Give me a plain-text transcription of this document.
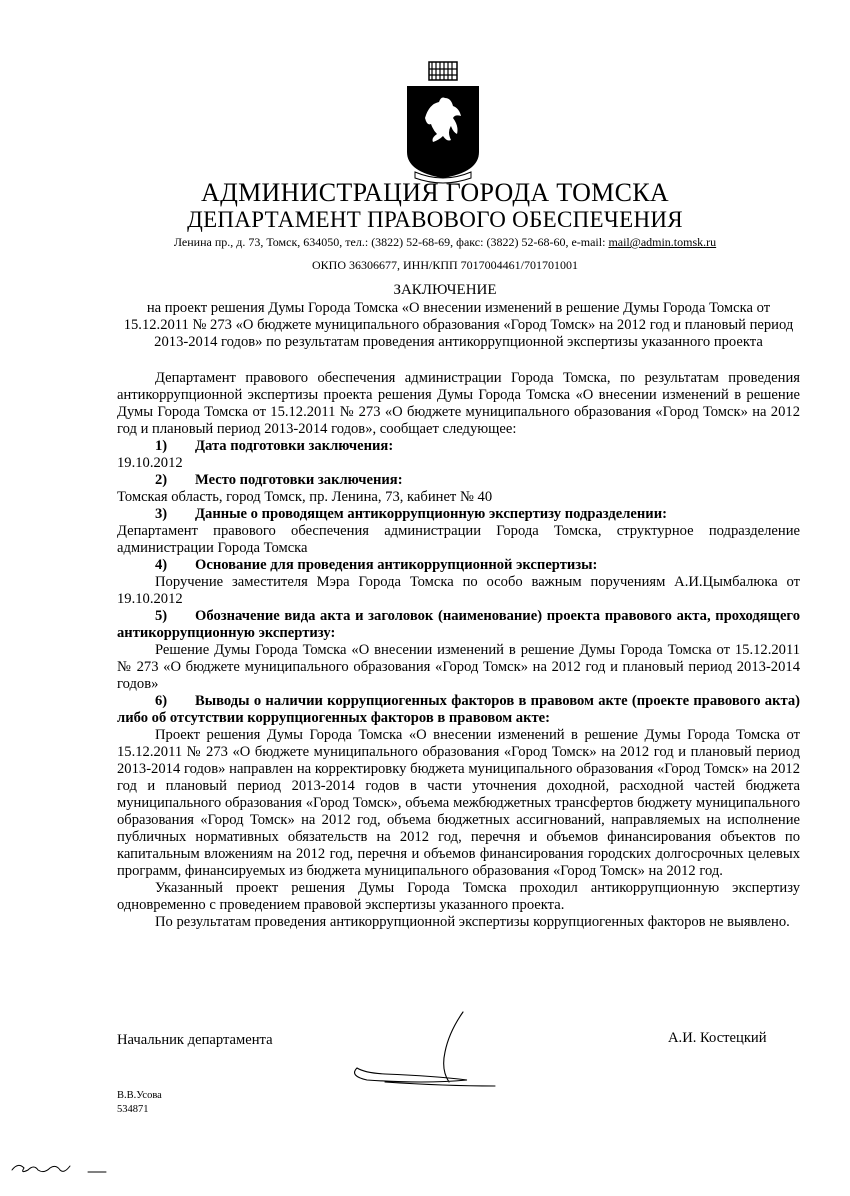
АДМИНИСТРАЦИЯ ГОРОДА ТОМСКА
ДЕПАРТАМЕНТ ПРАВОВОГО ОБЕСПЕЧЕНИЯ
Ленина пр., д. 73, Томск, 634050, тел.: (3822) 52-68-69, факс: (3822) 52-68-60, e-mail: mail@admin.tomsk.ru
ОКПО 36306677, ИНН/КПП 7017004461/701701001
ЗАКЛЮЧЕНИЕ
на проект решения Думы Города Томска «О внесении изменений в решение Думы Города Томска от 15.12.2011 № 273 «О бюджете муниципального образования «Город Томск» на 2012 год и плановый период 2013-2014 годов» по результатам проведения антикоррупционной экспертизы указанного проекта

Департамент правового обеспечения администрации Города Томска, по результатам проведения антикоррупционной экспертизы проекта решения Думы Города Томска «О внесении изменений в решение Думы Города Томска от 15.12.2011 № 273 «О бюджете муниципального образования «Город Томск» на 2012 год и плановый период 2013-2014 годов», сообщает следующее:

1) Дата подготовки заключения:

19.10.2012

2) Место подготовки заключения:

Томская область, город Томск, пр. Ленина, 73, кабинет № 40

3) Данные о проводящем антикоррупционную экспертизу подразделении:

Департамент правового обеспечения администрации Города Томска, структурное подразделение администрации Города Томска

4) Основание для проведения антикоррупционной экспертизы:

Поручение заместителя Мэра Города Томска по особо важным поручениям А.И.Цымбалюка от 19.10.2012

5) Обозначение вида акта и заголовок (наименование) проекта правового акта, проходящего антикоррупционную экспертизу:

Решение Думы Города Томска «О внесении изменений в решение Думы Города Томска от 15.12.2011 № 273 «О бюджете муниципального образования «Город Томск» на 2012 год и плановый период 2013-2014 годов»

6) Выводы о наличии коррупциогенных факторов в правовом акте (проекте правового акта) либо об отсутствии коррупциогенных факторов в правовом акте:

Проект решения Думы Города Томска «О внесении изменений в решение Думы Города Томска от 15.12.2011 № 273 «О бюджете муниципального образования «Город Томск» на 2012 год и плановый период 2013-2014 годов» направлен на корректировку бюджета муниципального образования «Город Томск» на 2012 год и плановый период 2013-2014 годов в части уточнения доходной, расходной частей бюджета муниципального образования «Город Томск», объема межбюджетных трансфертов бюджету муниципального образования «Город Томск» на 2012 год, объема бюджетных ассигнований, направляемых на исполнение публичных нормативных обязательств на 2012 год, перечня и объемов финансирования объектов по капитальным вложениям на 2012 год, перечня и объемов финансирования городских долгосрочных целевых программ, финансируемых из бюджета муниципального образования «Город Томск» на 2012 год.

Указанный проект решения Думы Города Томска проходил антикоррупционную экспертизу одновременно с проведением правовой экспертизы указанного проекта.

По результатам проведения антикоррупционной экспертизы коррупциогенных факторов не выявлено.

Начальник департамента	А.И. Костецкий
В.В.Усова
534871
